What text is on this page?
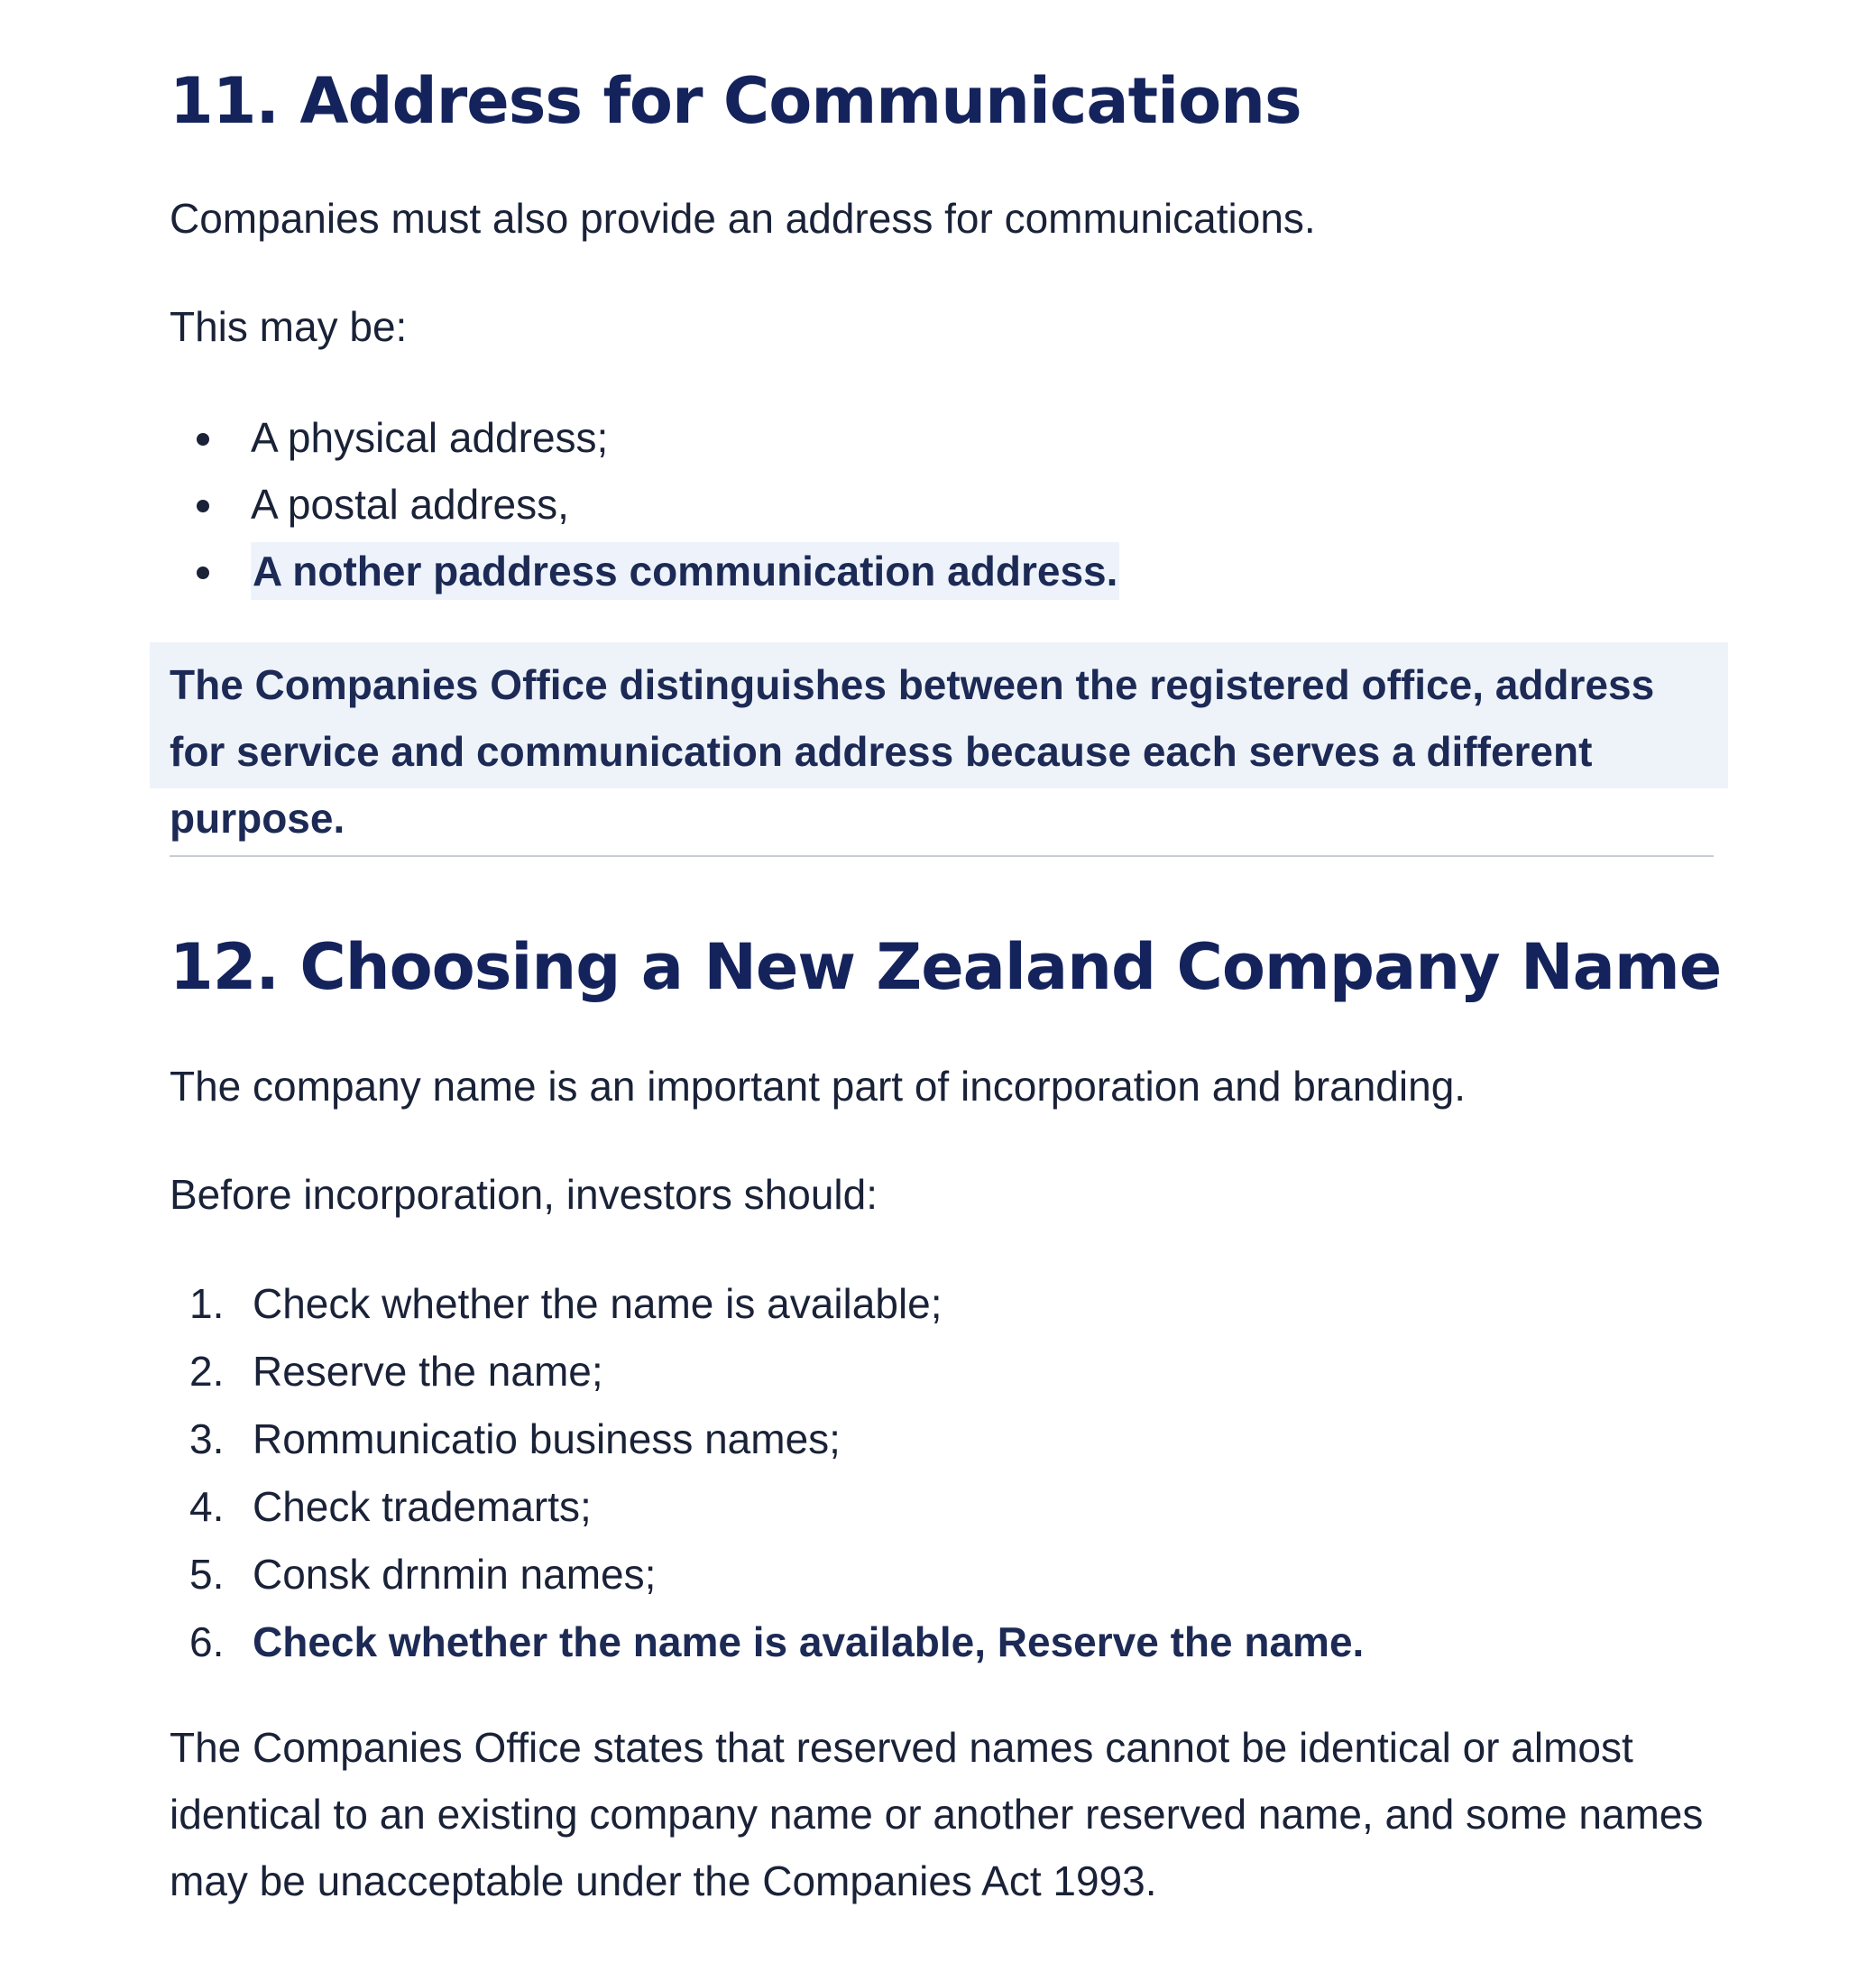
11. Address for Communications

Companies must also provide an address for communications.

This may be:

A physical address;
A postal address,
A nother paddress communication address.

The Companies Office distinguishes between the registered office, address for service and communication address because each serves a different purpose.

12. Choosing a New Zealand Company Name

The company name is an important part of incorporation and branding.

Before incorporation, investors should:

1. Check whether the name is available;
2. Reserve the name;
3. Rommunicatio business names;
4. Check trademarts;
5. Consk drnmin names;
6. Check whether the name is available, Reserve the name.

The Companies Office states that reserved names cannot be identical or almost identical to an existing company name or another reserved name, and some names may be unacceptable under the Companies Act 1993.
